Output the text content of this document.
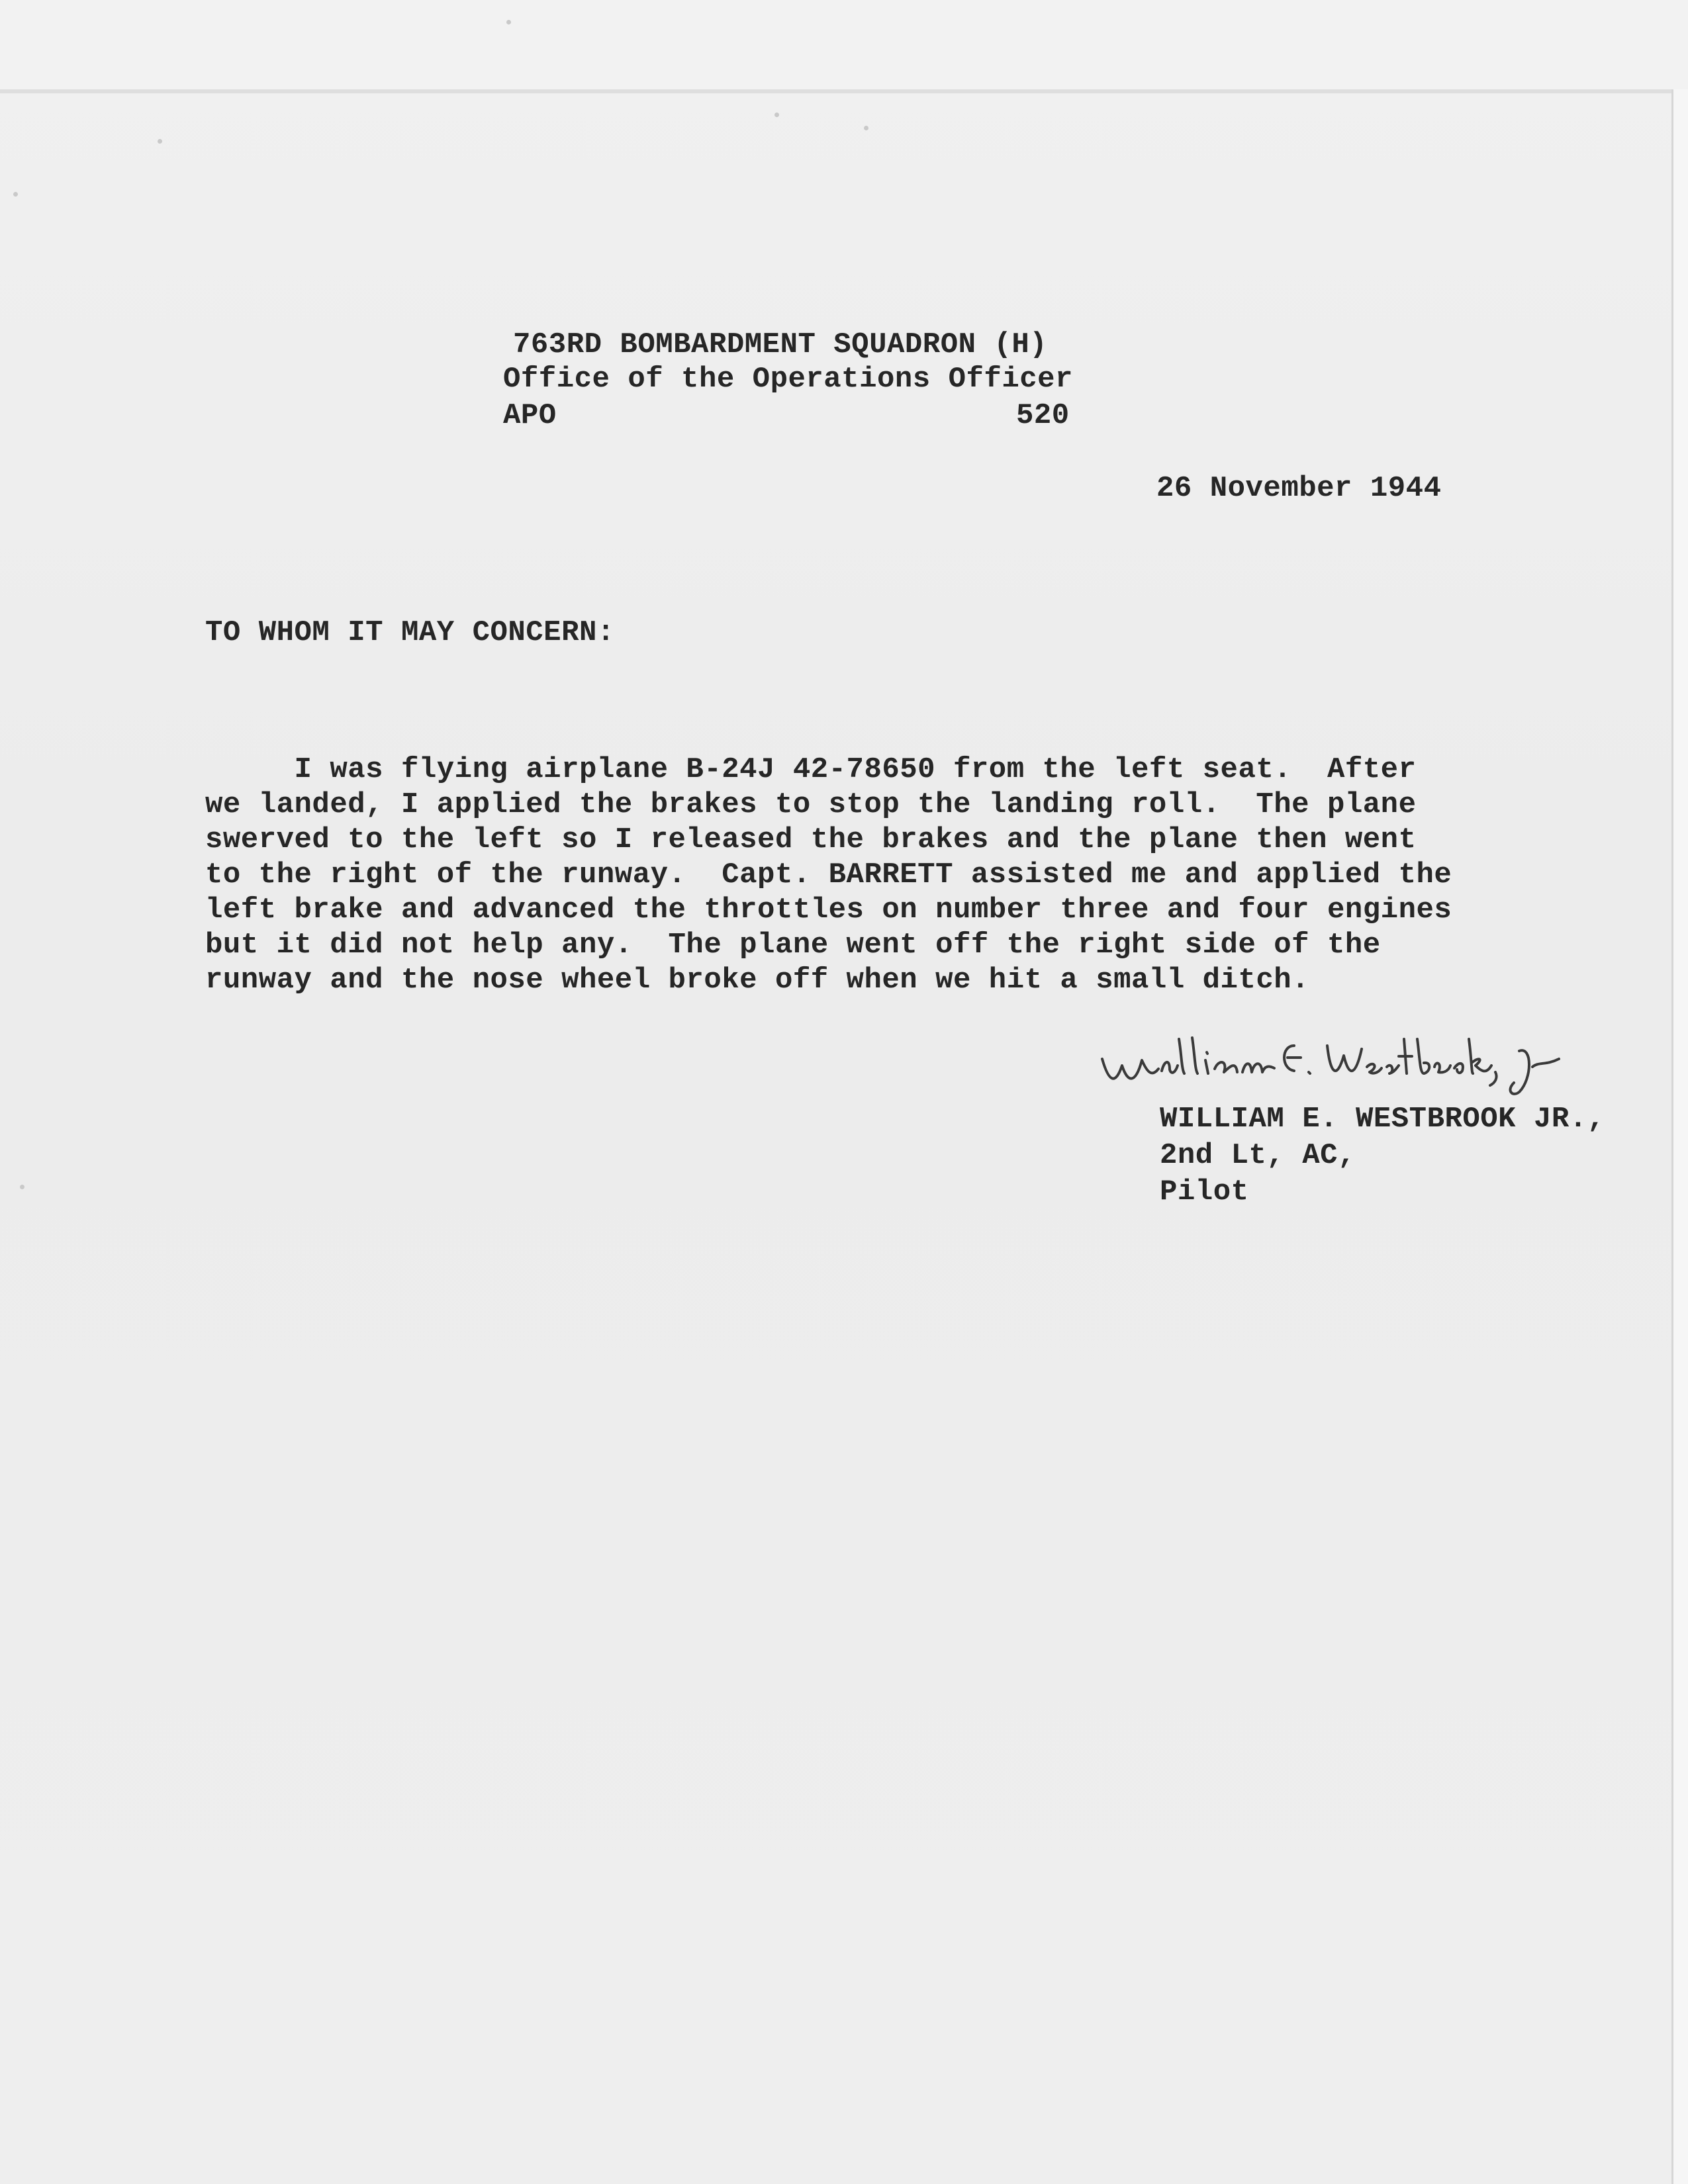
763RD BOMBARDMENT SQUADRON (H)
Office of the Operations Officer
APO	520
26 November 1944
TO WHOM IT MAY CONCERN:
I was flying airplane B-24J 42-78650 from the left seat.  After
we landed, I applied the brakes to stop the landing roll.  The plane
swerved to the left so I released the brakes and the plane then went
to the right of the runway.  Capt. BARRETT assisted me and applied the
left brake and advanced the throttles on number three and four engines
but it did not help any.  The plane went off the right side of the
runway and the nose wheel broke off when we hit a small ditch.
WILLIAM E. WESTBROOK JR.,
2nd Lt, AC,
Pilot
